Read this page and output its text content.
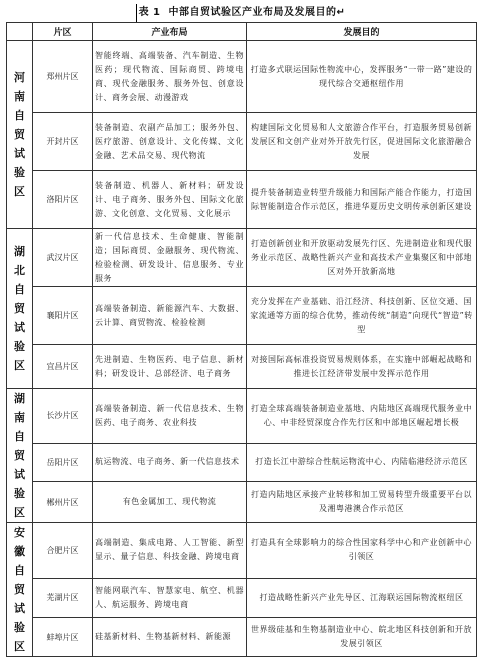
表 1 中部自贸试验区产业布局及发展目的↵
	片区	产业布局	发展目的
河南自贸试验区	郑州片区	智能终端、高端装备、汽车制造、生物医药；现代物流、国际商贸、跨境电商、现代金融服务、服务外包、创意设计、商务会展、动漫游戏	打造多式联运国际性物流中心，发挥服务“一带一路”建设的现代综合交通枢纽作用
	开封片区	装备制造、农副产品加工；服务外包、医疗旅游、创意设计、文化传媒、文化金融、艺术品交易、现代物流	构建国际文化贸易和人文旅游合作平台，打造服务贸易创新发展区和文创产业对外开放先行区，促进国际文化旅游融合发展
	洛阳片区	装备制造、机器人、新材料；研发设计、电子商务、服务外包、国际文化旅游、文化创意、文化贸易、文化展示	提升装备制造业转型升级能力和国际产能合作能力，打造国际智能制造合作示范区，推进华夏历史文明传承创新区建设
湖北自贸试验区	武汉片区	新一代信息技术、生命健康、智能制造；国际商贸、金融服务、现代物流、检验检测、研发设计、信息服务、专业服务	打造创新创业和开放驱动发展先行区、先进制造业和现代服务业示范区、战略性新兴产业和高技术产业集聚区和中部地区对外开放新高地
	襄阳片区	高端装备制造、新能源汽车、大数据、云计算、商贸物流、检验检测	充分发挥在产业基础、沿江经济、科技创新、区位交通、国家流通等方面的综合优势，推动传统“制造”向现代“智造”转型
	宜昌片区	先进制造、生物医药、电子信息、新材料；研发设计、总部经济、电子商务	对接国际高标准投资贸易规则体系，在实施中部崛起战略和推进长江经济带发展中发挥示范作用
湖南自贸试验区	长沙片区	高端装备制造、新一代信息技术、生物医药、电子商务、农业科技	打造全球高端装备制造业基地、内陆地区高端现代服务业中心、中非经贸深度合作先行区和中部地区崛起增长极
	岳阳片区	航运物流、电子商务、新一代信息技术	打造长江中游综合性航运物流中心、内陆临港经济示范区
	郴州片区	有色金属加工、现代物流	打造内陆地区承接产业转移和加工贸易转型升级重要平台以及湘粤港澳合作示范区
安徽自贸试验区	合肥片区	高端制造、集成电路、人工智能、新型显示、量子信息、科技金融、跨境电商	打造具有全球影响力的综合性国家科学中心和产业创新中心引领区
	芜湖片区	智能网联汽车、智慧家电、航空、机器人、航运服务、跨境电商	打造战略性新兴产业先导区、江海联运国际物流枢纽区
	蚌埠片区	硅基新材料、生物基新材料、新能源	世界级硅基和生物基制造业中心、皖北地区科技创新和开放发展引领区
